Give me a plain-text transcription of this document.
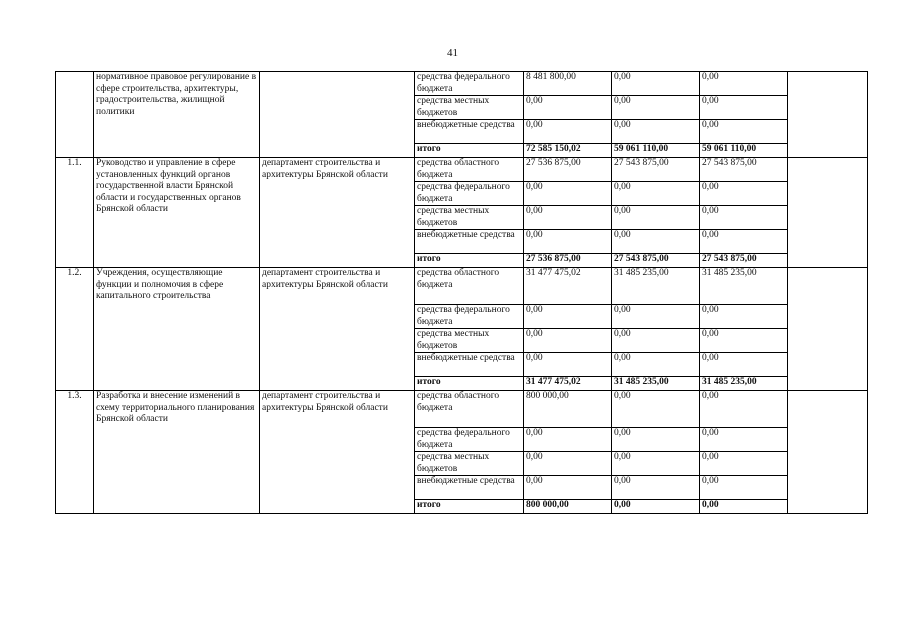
41
	нормативное правовое регулирование в сфере строительства, архитектуры, градостроительства, жилищной политики		средства федерального бюджета	8 481 800,00	0,00	0,00	
			средства местных бюджетов	0,00	0,00	0,00	
			внебюджетные средства	0,00	0,00	0,00	
			итого	72 585 150,02	59 061 110,00	59 061 110,00	
1.1.	Руководство и управление в сфере установленных функций органов государственной власти Брянской области и государственных органов Брянской области	департамент строительства и архитектуры Брянской области	средства областного бюджета	27 536 875,00	27 543 875,00	27 543 875,00	
			средства федерального бюджета	0,00	0,00	0,00	
			средства местных бюджетов	0,00	0,00	0,00	
			внебюджетные средства	0,00	0,00	0,00	
			итого	27 536 875,00	27 543 875,00	27 543 875,00	
1.2.	Учреждения, осуществляющие функции и полномочия в сфере капитального строительства	департамент строительства и архитектуры Брянской области	средства областного бюджета	31 477 475,02	31 485 235,00	31 485 235,00	
			средства федерального бюджета	0,00	0,00	0,00	
			средства местных бюджетов	0,00	0,00	0,00	
			внебюджетные средства	0,00	0,00	0,00	
			итого	31 477 475,02	31 485 235,00	31 485 235,00	
1.3.	Разработка и внесение изменений в схему территориального планирования Брянской области	департамент строительства и архитектуры Брянской области	средства областного бюджета	800 000,00	0,00	0,00	
			средства федерального бюджета	0,00	0,00	0,00	
			средства местных бюджетов	0,00	0,00	0,00	
			внебюджетные средства	0,00	0,00	0,00	
			итого	800 000,00	0,00	0,00	
